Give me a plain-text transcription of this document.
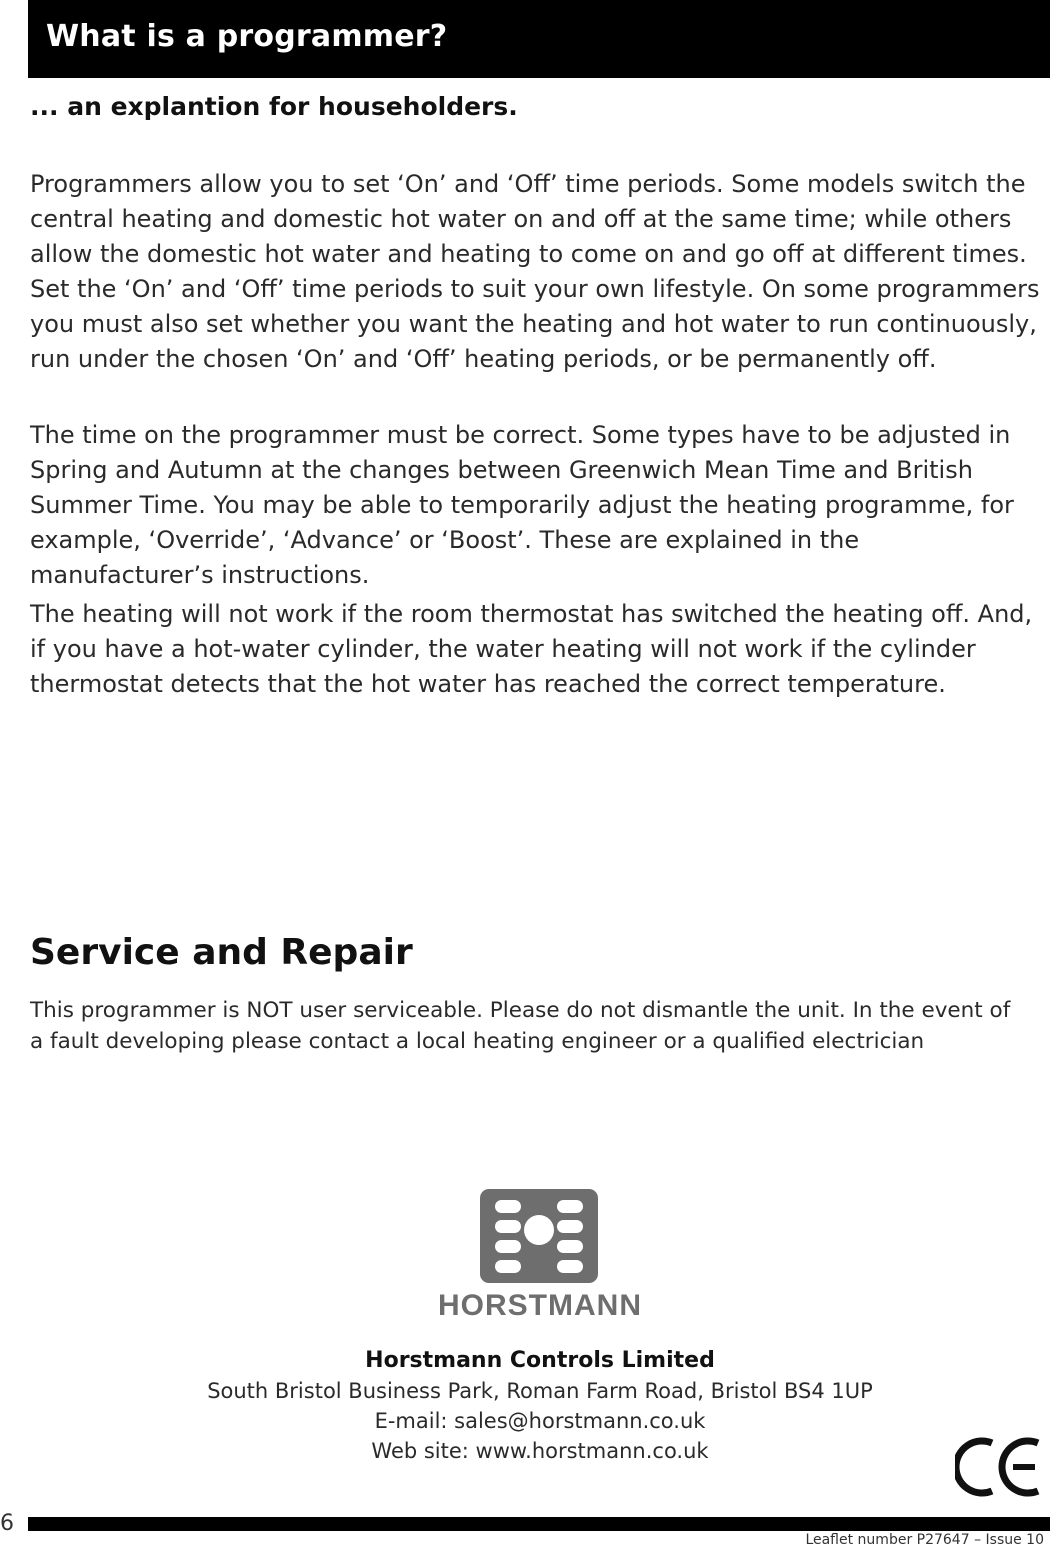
What is a programmer?
... an explantion for householders.

Programmers allow you to set ‘On’ and ‘Off’ time periods. Some models switch the central heating and domestic hot water on and off at the same time; while others allow the domestic hot water and heating to come on and go off at different times. Set the ‘On’ and ‘Off’ time periods to suit your own lifestyle. On some programmers you must also set whether you want the heating and hot water to run continuously, run under the chosen ‘On’ and ‘Off’ heating periods, or be permanently off.

The time on the programmer must be correct. Some types have to be adjusted in Spring and Autumn at the changes between Greenwich Mean Time and British Summer Time. You may be able to temporarily adjust the heating programme, for example, ‘Override’, ‘Advance’ or ‘Boost’. These are explained in the manufacturer’s instructions.

The heating will not work if the room thermostat has switched the heating off. And, if you have a hot-water cylinder, the water heating will not work if the cylinder thermostat detects that the hot water has reached the correct temperature.

Service and Repair

This programmer is NOT user serviceable. Please do not dismantle the unit. In the event of a fault developing please contact a local heating engineer or a qualified electrician

HORSTMANN

Horstmann Controls Limited

South Bristol Business Park, Roman Farm Road, Bristol BS4 1UP

E-mail: sales@horstmann.co.uk

Web site: www.horstmann.co.uk

6

Leaflet number P27647 – Issue 10
